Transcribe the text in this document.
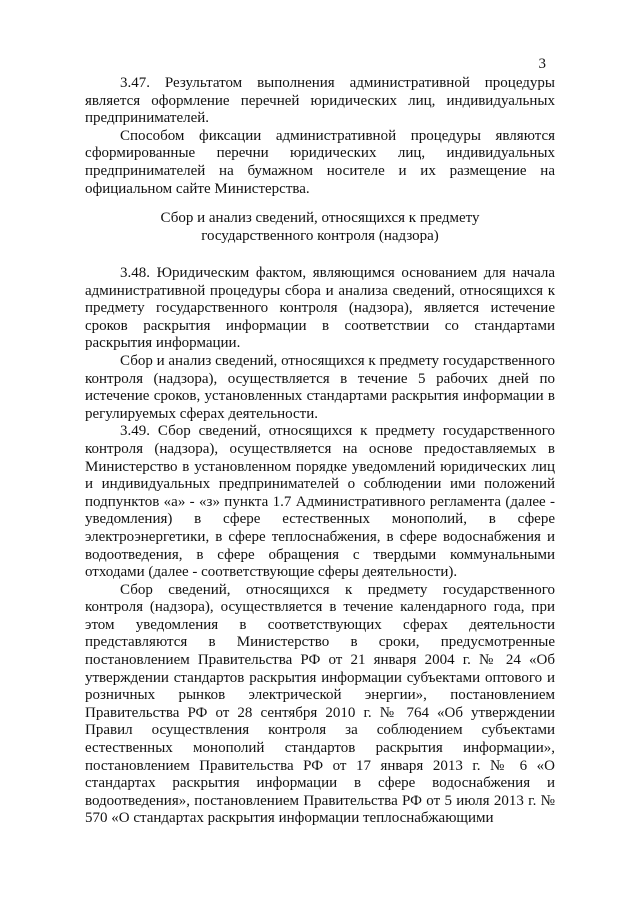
3

3.47. Результатом выполнения административной процедуры является оформление перечней юридических лиц, индивидуальных предпринимателей.

Способом фиксации административной процедуры являются сформированные перечни юридических лиц, индивидуальных предпринимателей на бумажном носителе и их размещение на официальном сайте Министерства.

Сбор и анализ сведений, относящихся к предмету
государственного контроля (надзора)

3.48. Юридическим фактом, являющимся основанием для начала административной процедуры сбора и анализа сведений, относящихся к предмету государственного контроля (надзора), является истечение сроков раскрытия информации в соответствии со стандартами раскрытия информации.

Сбор и анализ сведений, относящихся к предмету государственного контроля (надзора), осуществляется в течение 5 рабочих дней по истечение сроков, установленных стандартами раскрытия информации в регулируемых сферах деятельности.

3.49. Сбор сведений, относящихся к предмету государственного контроля (надзора), осуществляется на основе предоставляемых в Министерство в установленном порядке уведомлений юридических лиц и индивидуальных предпринимателей о соблюдении ими положений подпунктов «а» - «з» пункта 1.7 Административного регламента (далее - уведомления) в сфере естественных монополий, в сфере электроэнергетики, в сфере теплоснабжения, в сфере водоснабжения и водоотведения, в сфере обращения с твердыми коммунальными отходами (далее - соответствующие сферы деятельности).

Сбор сведений, относящихся к предмету государственного контроля (надзора), осуществляется в течение календарного года, при этом уведомления в соответствующих сферах деятельности представляются в Министерство в сроки, предусмотренные постановлением Правительства РФ от 21 января 2004 г. № 24 «Об утверждении стандартов раскрытия информации субъектами оптового и розничных рынков электрической энергии», постановлением Правительства РФ от 28 сентября 2010 г. № 764 «Об утверждении Правил осуществления контроля за соблюдением субъектами естественных монополий стандартов раскрытия информации», постановлением Правительства РФ от 17 января 2013 г. № 6 «О стандартах раскрытия информации в сфере водоснабжения и водоотведения», постановлением Правительства РФ от 5 июля 2013 г. № 570 «О стандартах раскрытия информации теплоснабжающими
